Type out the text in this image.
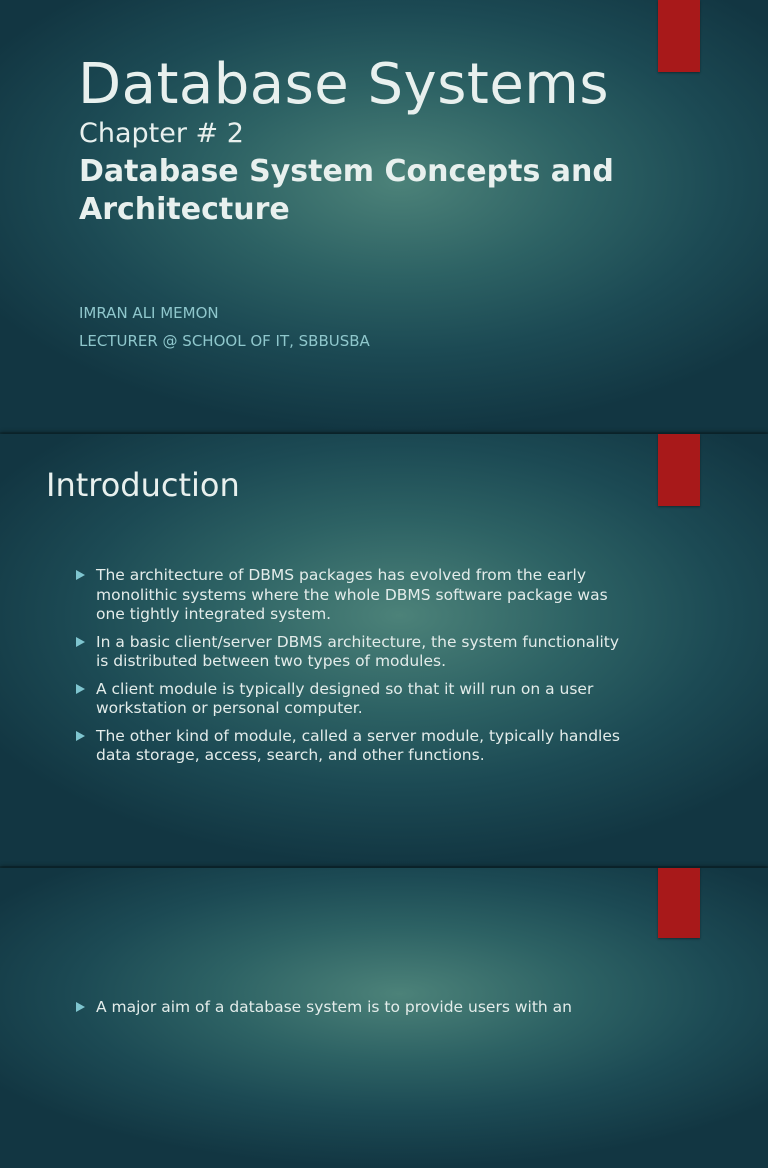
Database Systems
Chapter # 2
Database System Concepts and Architecture
IMRAN ALI MEMON
LECTURER @ SCHOOL OF IT, SBBUSBA
Introduction
The architecture of DBMS packages has evolved from the early monolithic systems where the whole DBMS software package was one tightly integrated system.
In a basic client/server DBMS architecture, the system functionality is distributed between two types of modules.
A client module is typically designed so that it will run on a user workstation or personal computer.
The other kind of module, called a server module, typically handles data storage, access, search, and other functions.
A major aim of a database system is to provide users with an
